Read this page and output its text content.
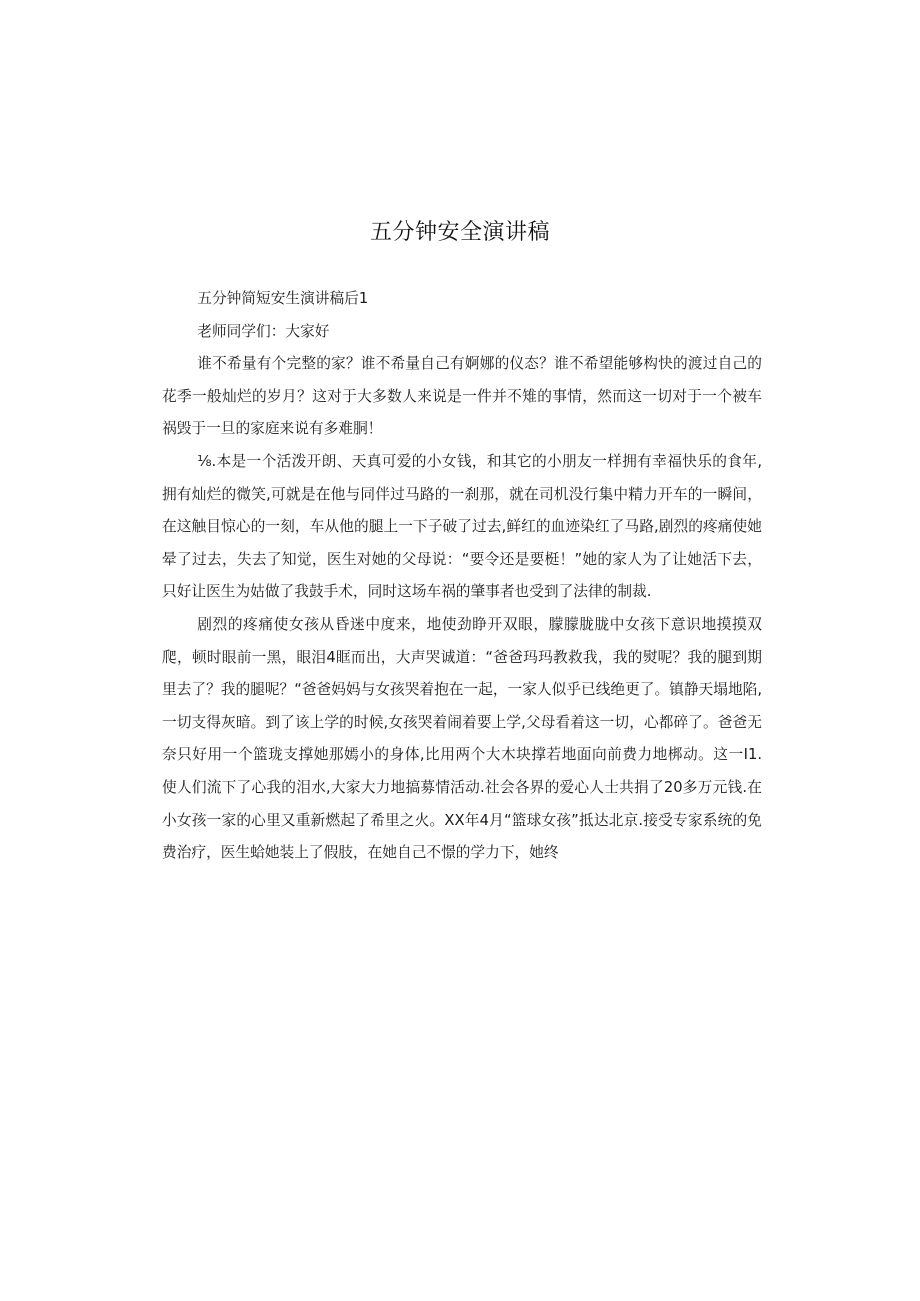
五分钟安全演讲稿

五分钟简短安生演讲稿后1

老师同学们：大家好

谁不希量有个完整的家？谁不希量自己有婀娜的仪态？谁不希望能够构快的渡过自己的花季一般灿烂的岁月？这对于大多数人来说是一件并不雉的事情，然而这一切对于一个被车祸毁于一旦的家庭来说有多难胴！

⅛.本是一个活泼开朗、天真可爱的小女钱，和其它的小朋友一样拥有幸福快乐的食年,拥有灿烂的微笑,可就是在他与同伴过马路的一刹那，就在司机没行集中精力开车的一瞬间，在这触目惊心的一刻，车从他的腿上一下子破了过去,鲜红的血迹染红了马路,剧烈的疼痛使她晕了过去，失去了知觉，医生对她的父母说：“要令还是要梃！”她的家人为了让她活下去，只好让医生为姑做了我鼓手术，同时这场车祸的肇事者也受到了法律的制裁.

剧烈的疼痛使女孩从昏迷中度来，地使劲睁开双眼，朦朦胧胧中女孩下意识地摸摸双爬，顿时眼前一黑，眼泪4眶而出，大声哭诚道：“爸爸玛玛教救我，我的熨呢？我的腿到期里去了？我的腿呢？“爸爸妈妈与女孩哭着抱在一起，一家人似乎已线绝更了。镇静天塌地陷,一切支得灰暗。到了该上学的时候,女孩哭着闹着要上学,父母看着这一切，心都碎了。爸爸无奈只好用一个篮珑支撑她那嫣小的身体,比用两个大木块撑若地面向前费力地梆动。这一I1. 使人们流下了心我的泪水,大家大力地搞募情活动.社会各界的爱心人士共捐了20多万元钱.在小女孩一家的心里又重新燃起了希里之火。XX年4月“篮球女孩”抵达北京.接受专家系统的免费治疗，医生蛤她装上了假肢，在她自己不憬的学力下，她终
